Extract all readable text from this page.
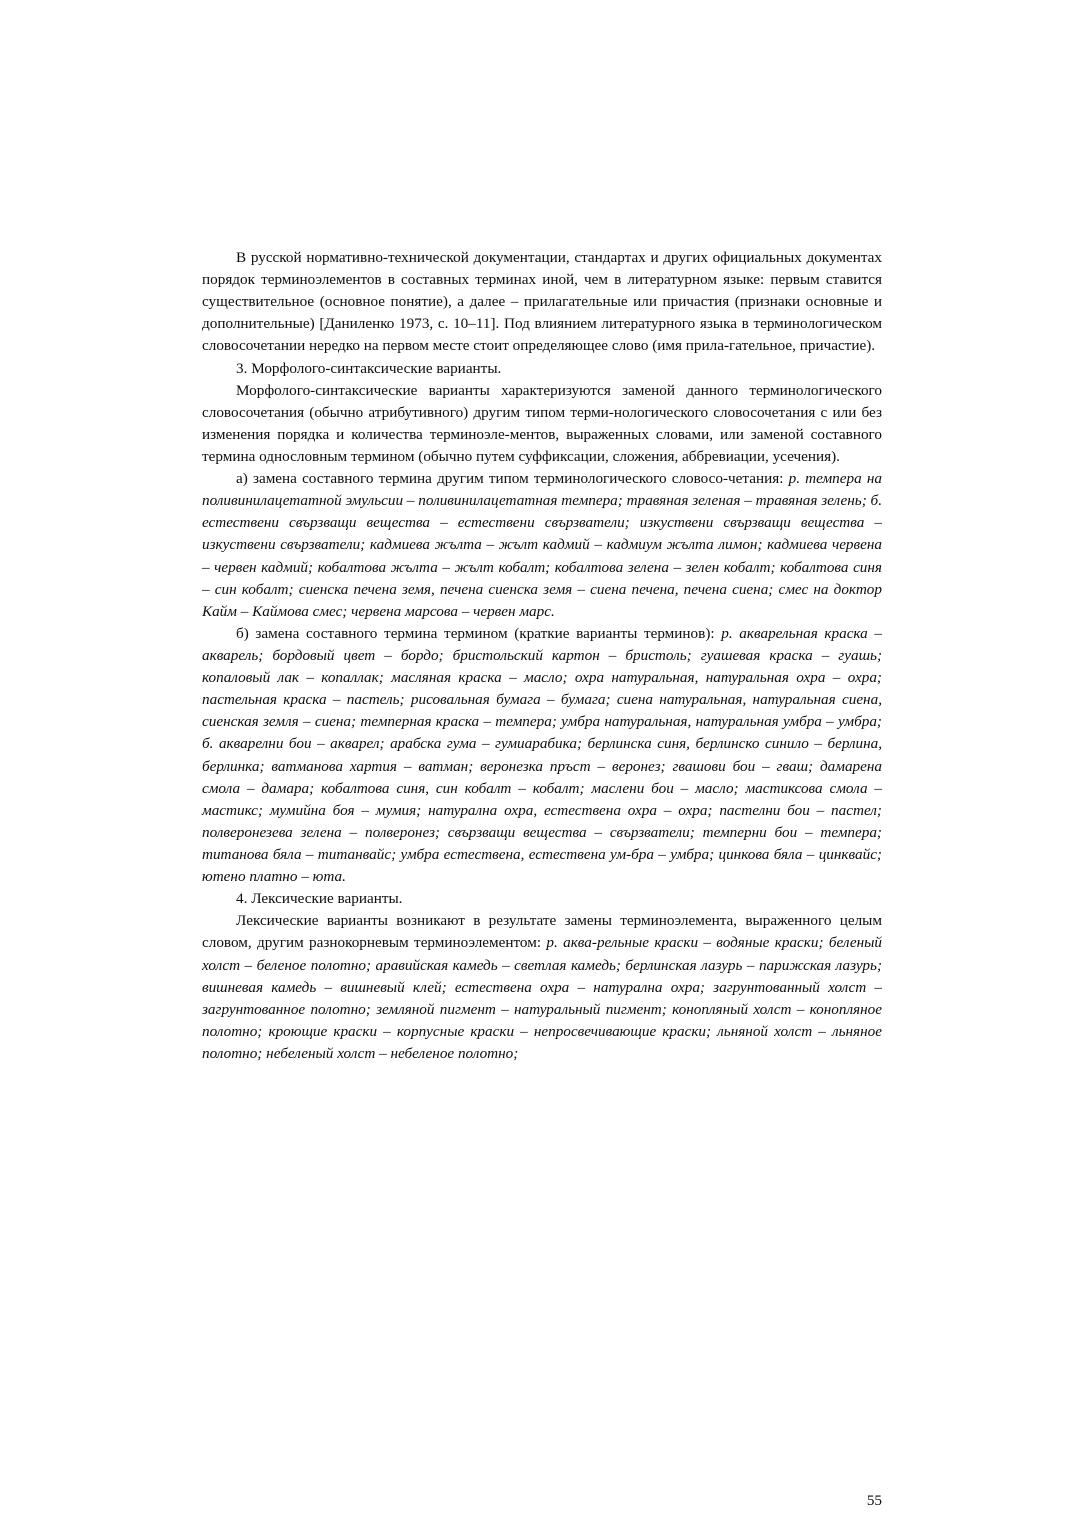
В русской нормативно-технической документации, стандартах и других официальных документах порядок терминоэлементов в составных терминах иной, чем в литературном языке: первым ставится существительное (основное понятие), а далее – прилагательные или причастия (признаки основные и дополнительные) [Даниленко 1973, с. 10–11]. Под влиянием литературного языка в терминологическом словосочетании нередко на первом месте стоит определяющее слово (имя прила-гательное, причастие).

3. Морфолого-синтаксические варианты.

Морфолого-синтаксические варианты характеризуются заменой данного терминологического словосочетания (обычно атрибутивного) другим типом терми-нологического словосочетания с или без изменения порядка и количества терминоэле-ментов, выраженных словами, или заменой составного термина однословным термином (обычно путем суффиксации, сложения, аббревиации, усечения).

а) замена составного термина другим типом терминологического словосо-четания: р. темпера на поливинилацетатной эмульсии – поливинилацетатная темпера; травяная зеленая – травяная зелень; б. естествени свързващи вещества – естествени свързватели; изкуствени свързващи вещества – изкуствени свързватели; кадмиева жълта – жълт кадмий – кадмиум жълта лимон; кадмиева червена – червен кадмий; кобалтова жълта – жълт кобалт; кобалтова зелена – зелен кобалт; кобалтова синя – син кобалт; сиенска печена земя, печена сиенска земя – сиена печена, печена сиена; смес на доктор Кайм – Каймова смес; червена марсова – червен марс.

б) замена составного термина термином (краткие варианты терминов): р. акварельная краска – акварель; бордовый цвет – бордо; бристольский картон – бристоль; гуашевая краска – гуашь; копаловый лак – копаллак; масляная краска – масло; охра натуральная, натуральная охра – охра; пастельная краска – пастель; рисовальная бумага – бумага; сиена натуральная, натуральная сиена, сиенская земля – сиена; темперная краска – темпера; умбра натуральная, натуральная умбра – умбра; б. акварелни бои – акварел; арабска гума – гумиарабика; берлинска синя, берлинско синило – берлина, берлинка; ватманова хартия – ватман; веронезка пръст – веронез; гвашови бои – гваш; дамарена смола – дамара; кобалтова синя, син кобалт – кобалт; маслени бои – масло; мастиксова смола – мастикс; мумийна боя – мумия; натурална охра, естествена охра – охра; пастелни бои – пастел; полверонезева зелена – полверонез; свързващи вещества – свързватели; темперни бои – темпера; титанова бяла – титанвайс; умбра естествена, естествена ум-бра – умбра; цинкова бяла – цинквайс; ютено платно – юта.

4. Лексические варианты.

Лексические варианты возникают в результате замены терминоэлемента, выраженного целым словом, другим разнокорневым терминоэлементом: р. аква-рельные краски – водяные краски; беленый холст – беленое полотно; аравийская камедь – светлая камедь; берлинская лазурь – парижская лазурь; вишневая камедь – вишневый клей; естествена охра – натурална охра; загрунтованный холст – загрунтованное полотно; земляной пигмент – натуральный пигмент; конопляный холст – конопляное полотно; кроющие краски – корпусные краски – непросвечивающие краски; льняной холст – льняное полотно; небеленый холст – небеленое полотно;

55
